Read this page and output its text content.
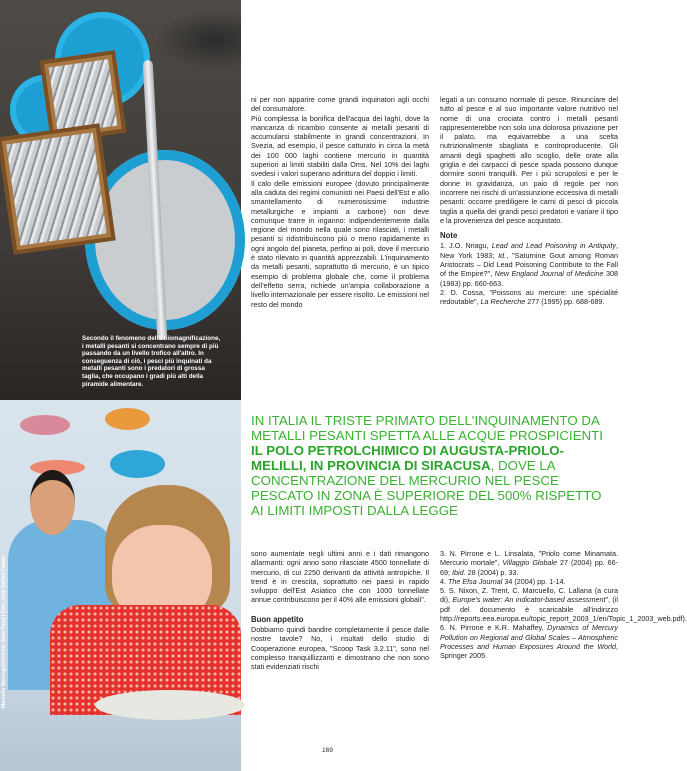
Secondo il fenomeno della biomagnificazione, i metalli pesanti si concentrano sempre di più passando da un livello trofico all'altro. In conseguenza di ciò, i pesci più inquinati da metalli pesanti sono i predatori di grossa taglia, che occupano i gradi più alti della piramide alimentare.
Marcello Marengo/Archivio Slow Food | Foto José Carlos Fadda

ni per non apparire come grandi inquinatori agli occhi del consumatore.

Più complessa la bonifica dell'acqua dei laghi, dove la mancanza di ricambio consente ai metalli pesanti di accumularsi stabilmente in grandi concentrazioni. In Svezia, ad esempio, il pesce catturato in circa la metà dei 100 000 laghi contiene mercurio in quantità superiori ai limiti stabiliti dalla Oms. Nel 10% dei laghi svedesi i valori superano adirittura del doppio i limiti.

Il calo delle emissioni europee (dovuto principalmente alla caduta dei regimi comunisti nei Paesi dell'Est e allo smantellamento di numerosissime industrie metallurgiche e impianti a carbone) non deve comunque trarre in inganno: indipendentemente dalla regione del mondo nella quale sono rilasciati, i metalli pesanti si ridistribuiscono più o meno rapidamente in ogni angolo del pianeta, perfino ai poli, dove il mercurio è stato rilevato in quantità apprezzabili. L'inquinamento da metalli pesanti, soprattutto di mercurio, è un tipico esempio di problema globale che, come il problema dell'effetto serra, richiede un'ampia collaborazione a livello internazionale per essere risolto. Le emissioni nel resto del mondo

legati a un consumo normale di pesce. Rinunciare del tutto al pesce e al suo importante valore nutritivo nel nome di una crociata contro i metalli pesanti rappresenterebbe non solo una dolorosa privazione per il palato, ma equivarrebbe a una scelta nutrizionalmente sbagliata e controproducente. Gli amanti degli spaghetti allo scoglio, delle orate alla griglia e dei carpacci di pesce spada possono dunque dormire sonni tranquilli. Per i più scrupolosi e per le donne in gravidanza, un paio di regole per non incorrere nei rischi di un'assunzione eccessiva di metalli pesanti: occorre prediligere le carni di pesci di piccola taglia a quella dei grandi pesci predatori e variare il tipo e la provenienza del pesce acquistato.

Note

1. J.O. Nriagu, Lead and Lead Poisoning in Antiquity, New York 1983; Id., "Saturnine Gout among Roman Aristocrats – Did Lead Poisoning Contribute to the Fall of the Empire?", New England Journal of Medicine 308 (1983) pp. 660-663.

2. D. Cossa, "Poissons au mercure: une spécialité redoutable", La Recherche 277 (1995) pp. 688-689.

IN ITALIA IL TRISTE PRIMATO DELL'INQUINAMENTO DA METALLI PESANTI SPETTA ALLE ACQUE PROSPICIENTI IL POLO PETROLCHIMICO DI AUGUSTA-PRIOLO-MELILLI, IN PROVINCIA DI SIRACUSA, DOVE LA CONCENTRAZIONE DEL MERCURIO NEL PESCE PESCATO IN ZONA È SUPERIORE DEL 500% RISPETTO AI LIMITI IMPOSTI DALLA LEGGE

sono aumentate negli ultimi anni e i dati rimangono allarmanti: ogni anno sono rilasciate 4500 tonnellate di mercurio, di cui 2250 derivanti da attività antropiche. Il trend è in crescita, soprattutto nei paesi in rapido sviluppo dell'Est Asiatico che con 1000 tonnellate annue contribuiscono per il 40% alle emissioni globali".

Buon appetito

Dobbiamo quindi bandire completamente il pesce dalle nostre tavole? No, i risultati dello studio di Cooperazione europea, "Scoop Task 3.2.11", sono nel complesso tranquillizzanti e dimostrano che non sono stati evidenziati rischi

3. N. Pirrone e L. Linsalata, "Priolo come Minamata. Mercurio mortale", Villaggio Globale 27 (2004) pp. 66-69; Ibid. 28 (2004) p. 33.

4. The Efsa Journal 34 (2004) pp. 1-14.

5. S. Nixon, Z. Trent, C. Marcuello, C. Lallana (a cura di), Europe's water: An indicator-based assessment", (il pdf del documento è scaricabile all'indirizzo http://reports.eea.europa.eu/topic_report_2003_1/en/Topic_1_2003_web.pdf).

6. N. Pirrone e K.R. Mahaffey, Dynamics of Mercury Pollution on Regional and Global Scales – Atmospheric Processes and Human Exposures Around the World, Springer 2005.

169
